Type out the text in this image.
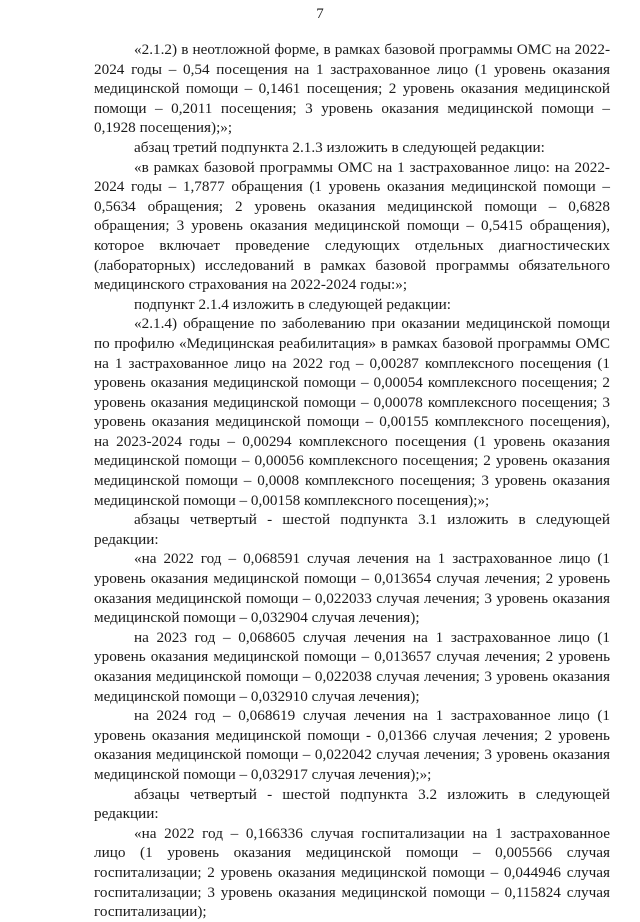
7

«2.1.2) в неотложной форме, в рамках базовой программы ОМС на 2022-2024 годы – 0,54 посещения на 1 застрахованное лицо (1 уровень оказания медицинской помощи – 0,1461 посещения; 2 уровень оказания медицинской помощи – 0,2011 посещения; 3 уровень оказания медицинской помощи – 0,1928 посещения);»;

абзац третий подпункта 2.1.3 изложить в следующей редакции:

«в рамках базовой программы ОМС на 1 застрахованное лицо: на 2022-2024 годы – 1,7877 обращения (1 уровень оказания медицинской помощи – 0,5634 обращения; 2 уровень оказания медицинской помощи – 0,6828 обращения; 3 уровень оказания медицинской помощи – 0,5415 обращения), которое включает проведение следующих отдельных диагностических (лабораторных) исследований в рамках базовой программы обязательного медицинского страхования на 2022-2024 годы:»;

подпункт 2.1.4 изложить в следующей редакции:

«2.1.4) обращение по заболеванию при оказании медицинской помощи по профилю «Медицинская реабилитация» в рамках базовой программы ОМС на 1 застрахованное лицо на 2022 год – 0,00287 комплексного посещения (1 уровень оказания медицинской помощи – 0,00054 комплексного посещения; 2 уровень оказания медицинской помощи – 0,00078 комплексного посещения; 3 уровень оказания медицинской помощи – 0,00155 комплексного посещения), на 2023-2024 годы – 0,00294 комплексного посещения (1 уровень оказания медицинской помощи – 0,00056 комплексного посещения; 2 уровень оказания медицинской помощи – 0,0008 комплексного посещения; 3 уровень оказания медицинской помощи – 0,00158 комплексного посещения);»;

абзацы четвертый - шестой подпункта 3.1 изложить в следующей редакции:

«на 2022 год – 0,068591 случая лечения на 1 застрахованное лицо (1 уровень оказания медицинской помощи – 0,013654 случая лечения; 2 уровень оказания медицинской помощи – 0,022033 случая лечения; 3 уровень оказания медицинской помощи – 0,032904 случая лечения);

на 2023 год – 0,068605 случая лечения на 1 застрахованное лицо (1 уровень оказания медицинской помощи – 0,013657 случая лечения; 2 уровень оказания медицинской помощи – 0,022038 случая лечения; 3 уровень оказания медицинской помощи – 0,032910 случая лечения);

на 2024 год – 0,068619 случая лечения на 1 застрахованное лицо (1 уровень оказания медицинской помощи - 0,01366 случая лечения; 2 уровень оказания медицинской помощи – 0,022042 случая лечения; 3 уровень оказания медицинской помощи – 0,032917 случая лечения);»;

абзацы четвертый - шестой подпункта 3.2 изложить в следующей редакции:

«на 2022 год – 0,166336 случая госпитализации на 1 застрахованное лицо (1 уровень оказания медицинской помощи – 0,005566 случая госпитализации; 2 уровень оказания медицинской помощи – 0,044946 случая госпитализации; 3 уровень оказания медицинской помощи – 0,115824 случая госпитализации);
